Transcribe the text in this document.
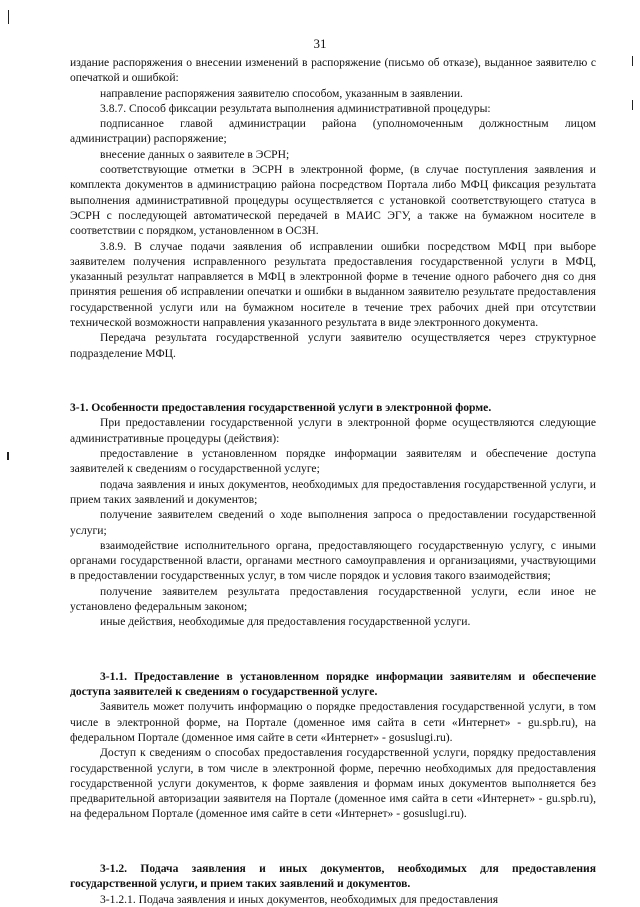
31

издание распоряжения о внесении изменений в распоряжение (письмо об отказе), выданное заявителю с опечаткой и ошибкой:

направление распоряжения заявителю способом, указанным в заявлении.

3.8.7. Способ фиксации результата выполнения административной процедуры:

подписанное главой администрации района (уполномоченным должностным лицом администрации) распоряжение;

внесение данных о заявителе в ЭСРН;

соответствующие отметки в ЭСРН в электронной форме, (в случае поступления заявления и комплекта документов в администрацию района посредством Портала либо МФЦ фиксация результата выполнения административной процедуры осуществляется с установкой соответствующего статуса в ЭСРН с последующей автоматической передачей в МАИС ЭГУ, а также на бумажном носителе в соответствии с порядком, установленном в ОСЗН.

3.8.9. В случае подачи заявления об исправлении ошибки посредством МФЦ при выборе заявителем получения исправленного результата предоставления государственной услуги в МФЦ, указанный результат направляется в МФЦ в электронной форме в течение одного рабочего дня со дня принятия решения об исправлении опечатки и ошибки в выданном заявителю результате предоставления государственной услуги или на бумажном носителе в течение трех рабочих дней при отсутствии технической возможности направления указанного результата в виде электронного документа.

Передача результата государственной услуги заявителю осуществляется через структурное подразделение МФЦ.

3-1. Особенности предоставления государственной услуги в электронной форме.

При предоставлении государственной услуги в электронной форме осуществляются следующие административные процедуры (действия):

предоставление в установленном порядке информации заявителям и обеспечение доступа заявителей к сведениям о государственной услуге;

подача заявления и иных документов, необходимых для предоставления государственной услуги, и прием таких заявлений и документов;

получение заявителем сведений о ходе выполнения запроса о предоставлении государственной услуги;

взаимодействие исполнительного органа, предоставляющего государственную услугу, с иными органами государственной власти, органами местного самоуправления и организациями, участвующими в предоставлении государственных услуг, в том числе порядок и условия такого взаимодействия;

получение заявителем результата предоставления государственной услуги, если иное не установлено федеральным законом;

иные действия, необходимые для предоставления государственной услуги.

3-1.1. Предоставление в установленном порядке информации заявителям и обеспечение доступа заявителей к сведениям о государственной услуге.

Заявитель может получить информацию о порядке предоставления государственной услуги, в том числе в электронной форме, на Портале (доменное имя сайта в сети «Интернет» - gu.spb.ru), на федеральном Портале (доменное имя сайте в сети «Интернет» - gosuslugi.ru).

Доступ к сведениям о способах предоставления государственной услуги, порядку предоставления государственной услуги, в том числе в электронной форме, перечню необходимых для предоставления государственной услуги документов, к форме заявления и формам иных документов выполняется без предварительной авторизации заявителя на Портале (доменное имя сайта в сети «Интернет» - gu.spb.ru), на федеральном Портале (доменное имя сайте в сети «Интернет» - gosuslugi.ru).

3-1.2. Подача заявления и иных документов, необходимых для предоставления государственной услуги, и прием таких заявлений и документов.

3-1.2.1. Подача заявления и иных документов, необходимых для предоставления
